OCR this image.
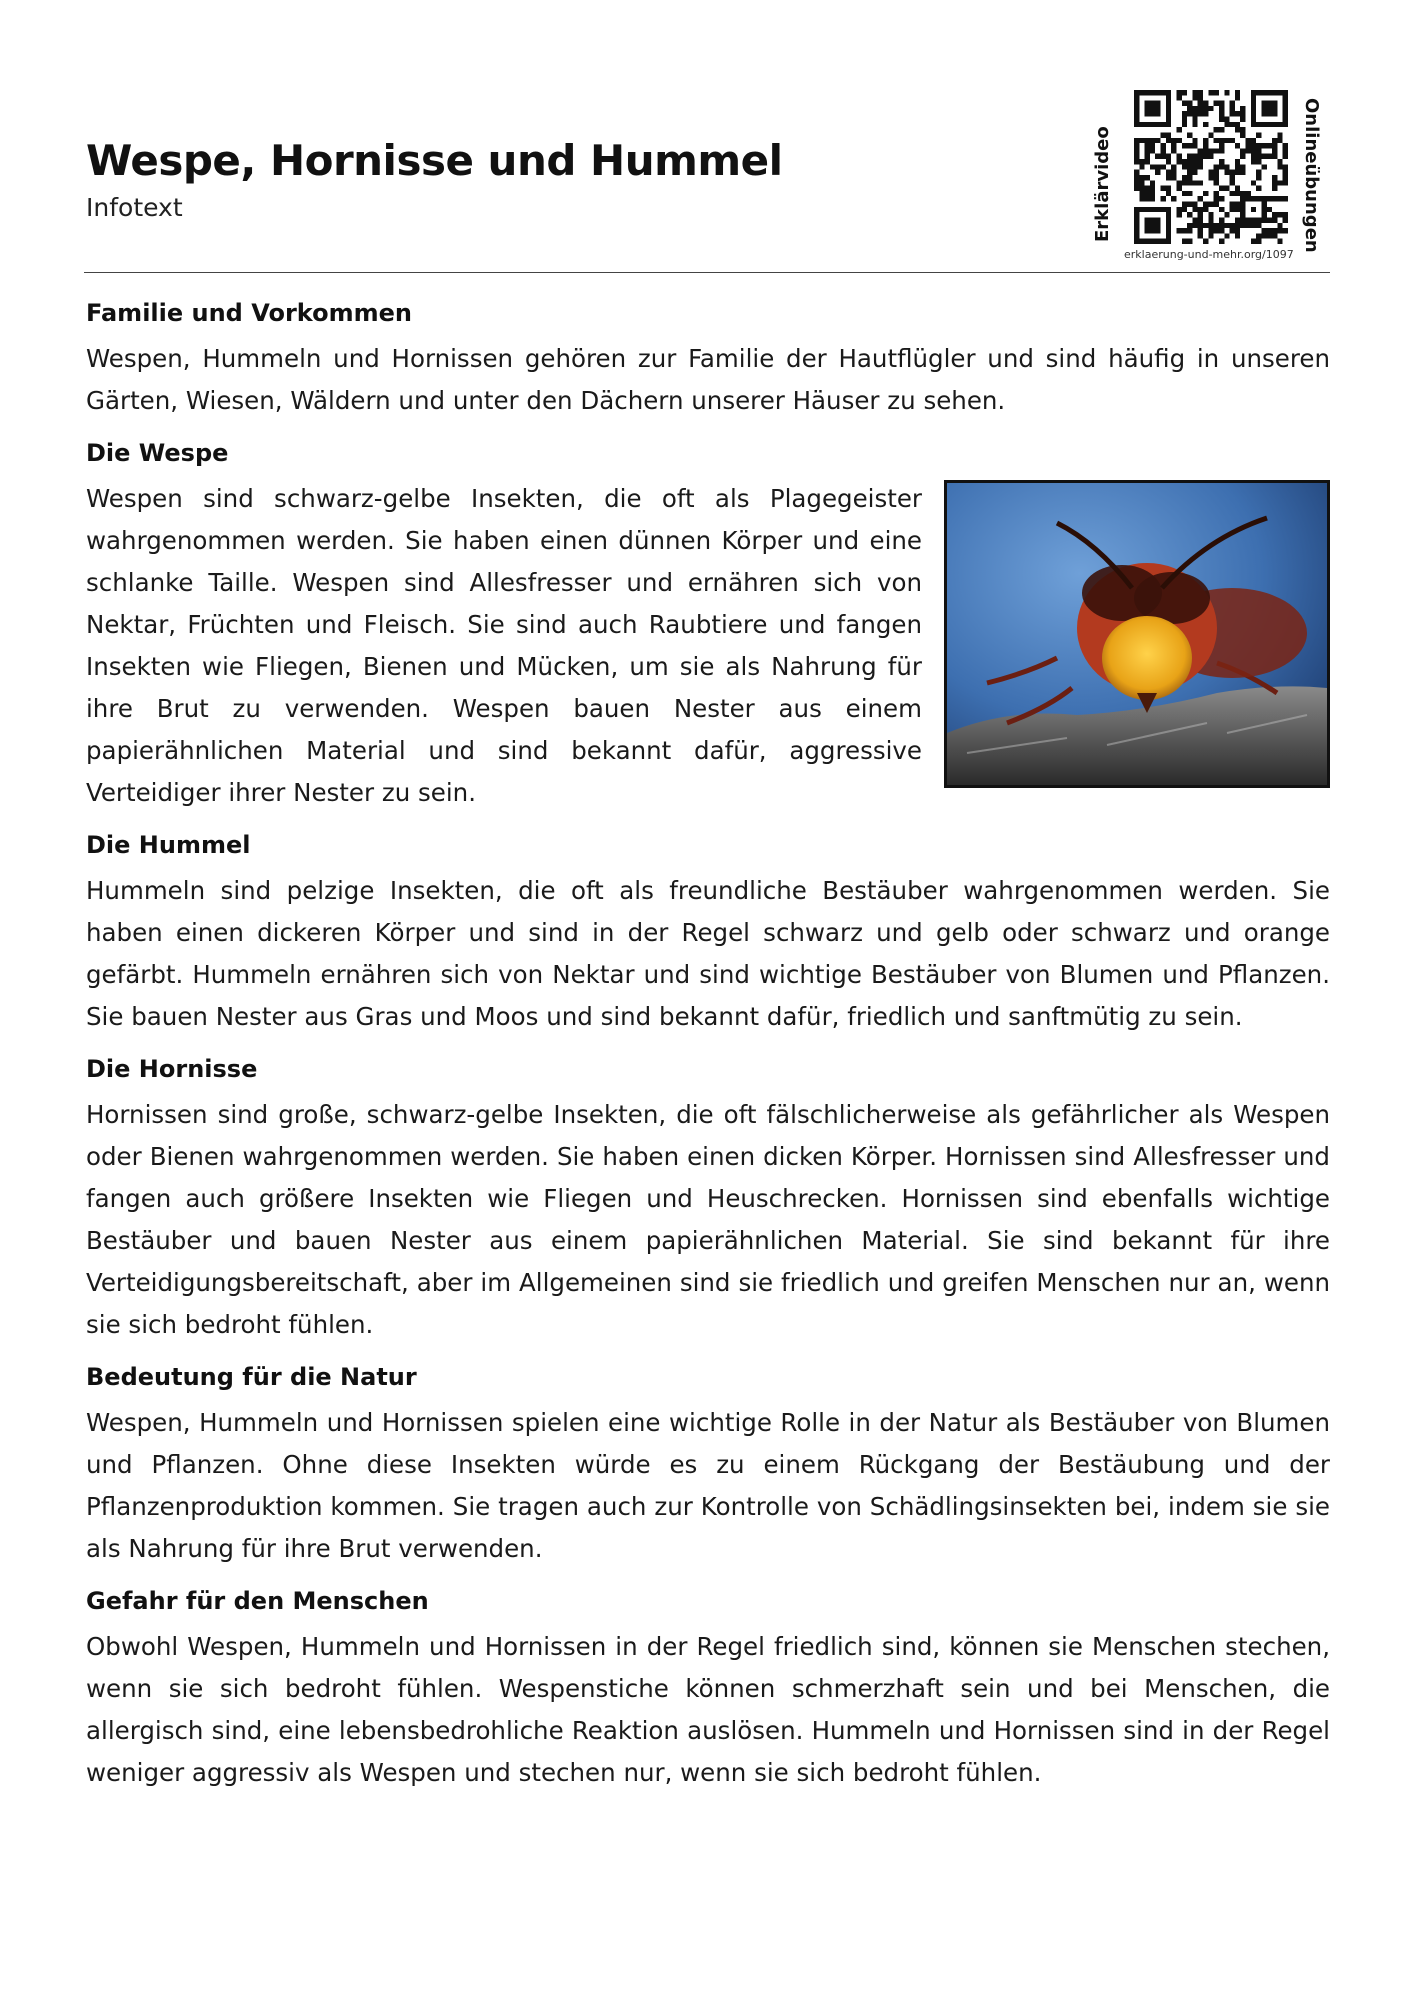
Wespe, Hornisse und Hummel
Infotext	Erklärvideo	Onlineübungen
erklaerung-und-mehr.org/1097
Familie und Vorkommen

Wespen, Hummeln und Hornissen gehören zur Familie der Hautflügler und sind häufig in unseren Gärten, Wiesen, Wäldern und unter den Dächern unserer Häuser zu sehen.

Die Wespe

Wespen sind schwarz-gelbe Insekten, die oft als Plagegeister wahrgenommen werden. Sie haben einen dünnen Körper und eine schlanke Taille. Wespen sind Allesfresser und ernähren sich von Nektar, Früchten und Fleisch. Sie sind auch Raubtiere und fangen Insekten wie Fliegen, Bienen und Mücken, um sie als Nahrung für ihre Brut zu verwenden. Wespen bauen Nester aus einem papierähnlichen Material und sind bekannt dafür, aggressive Verteidiger ihrer Nester zu sein.

Die Hummel

Hummeln sind pelzige Insekten, die oft als freundliche Bestäuber wahrgenommen werden. Sie haben einen dickeren Körper und sind in der Regel schwarz und gelb oder schwarz und orange gefärbt. Hummeln ernähren sich von Nektar und sind wichtige Bestäuber von Blumen und Pflanzen. Sie bauen Nester aus Gras und Moos und sind bekannt dafür, friedlich und sanftmütig zu sein.

Die Hornisse

Hornissen sind große, schwarz-gelbe Insekten, die oft fälschlicherweise als gefährlicher als Wespen oder Bienen wahrgenommen werden. Sie haben einen dicken Körper. Hornissen sind Allesfresser und fangen auch größere Insekten wie Fliegen und Heuschrecken. Hornissen sind ebenfalls wichtige Bestäuber und bauen Nester aus einem papierähnlichen Material. Sie sind bekannt für ihre Verteidigungsbereitschaft, aber im Allgemeinen sind sie friedlich und greifen Menschen nur an, wenn sie sich bedroht fühlen.

Bedeutung für die Natur

Wespen, Hummeln und Hornissen spielen eine wichtige Rolle in der Natur als Bestäuber von Blumen und Pflanzen. Ohne diese Insekten würde es zu einem Rückgang der Bestäubung und der Pflanzenproduktion kommen. Sie tragen auch zur Kontrolle von Schädlingsinsekten bei, indem sie sie als Nahrung für ihre Brut verwenden.

Gefahr für den Menschen

Obwohl Wespen, Hummeln und Hornissen in der Regel friedlich sind, können sie Menschen stechen, wenn sie sich bedroht fühlen. Wespenstiche können schmerzhaft sein und bei Menschen, die allergisch sind, eine lebensbedrohliche Reaktion auslösen. Hummeln und Hornissen sind in der Regel weniger aggressiv als Wespen und stechen nur, wenn sie sich bedroht fühlen.
